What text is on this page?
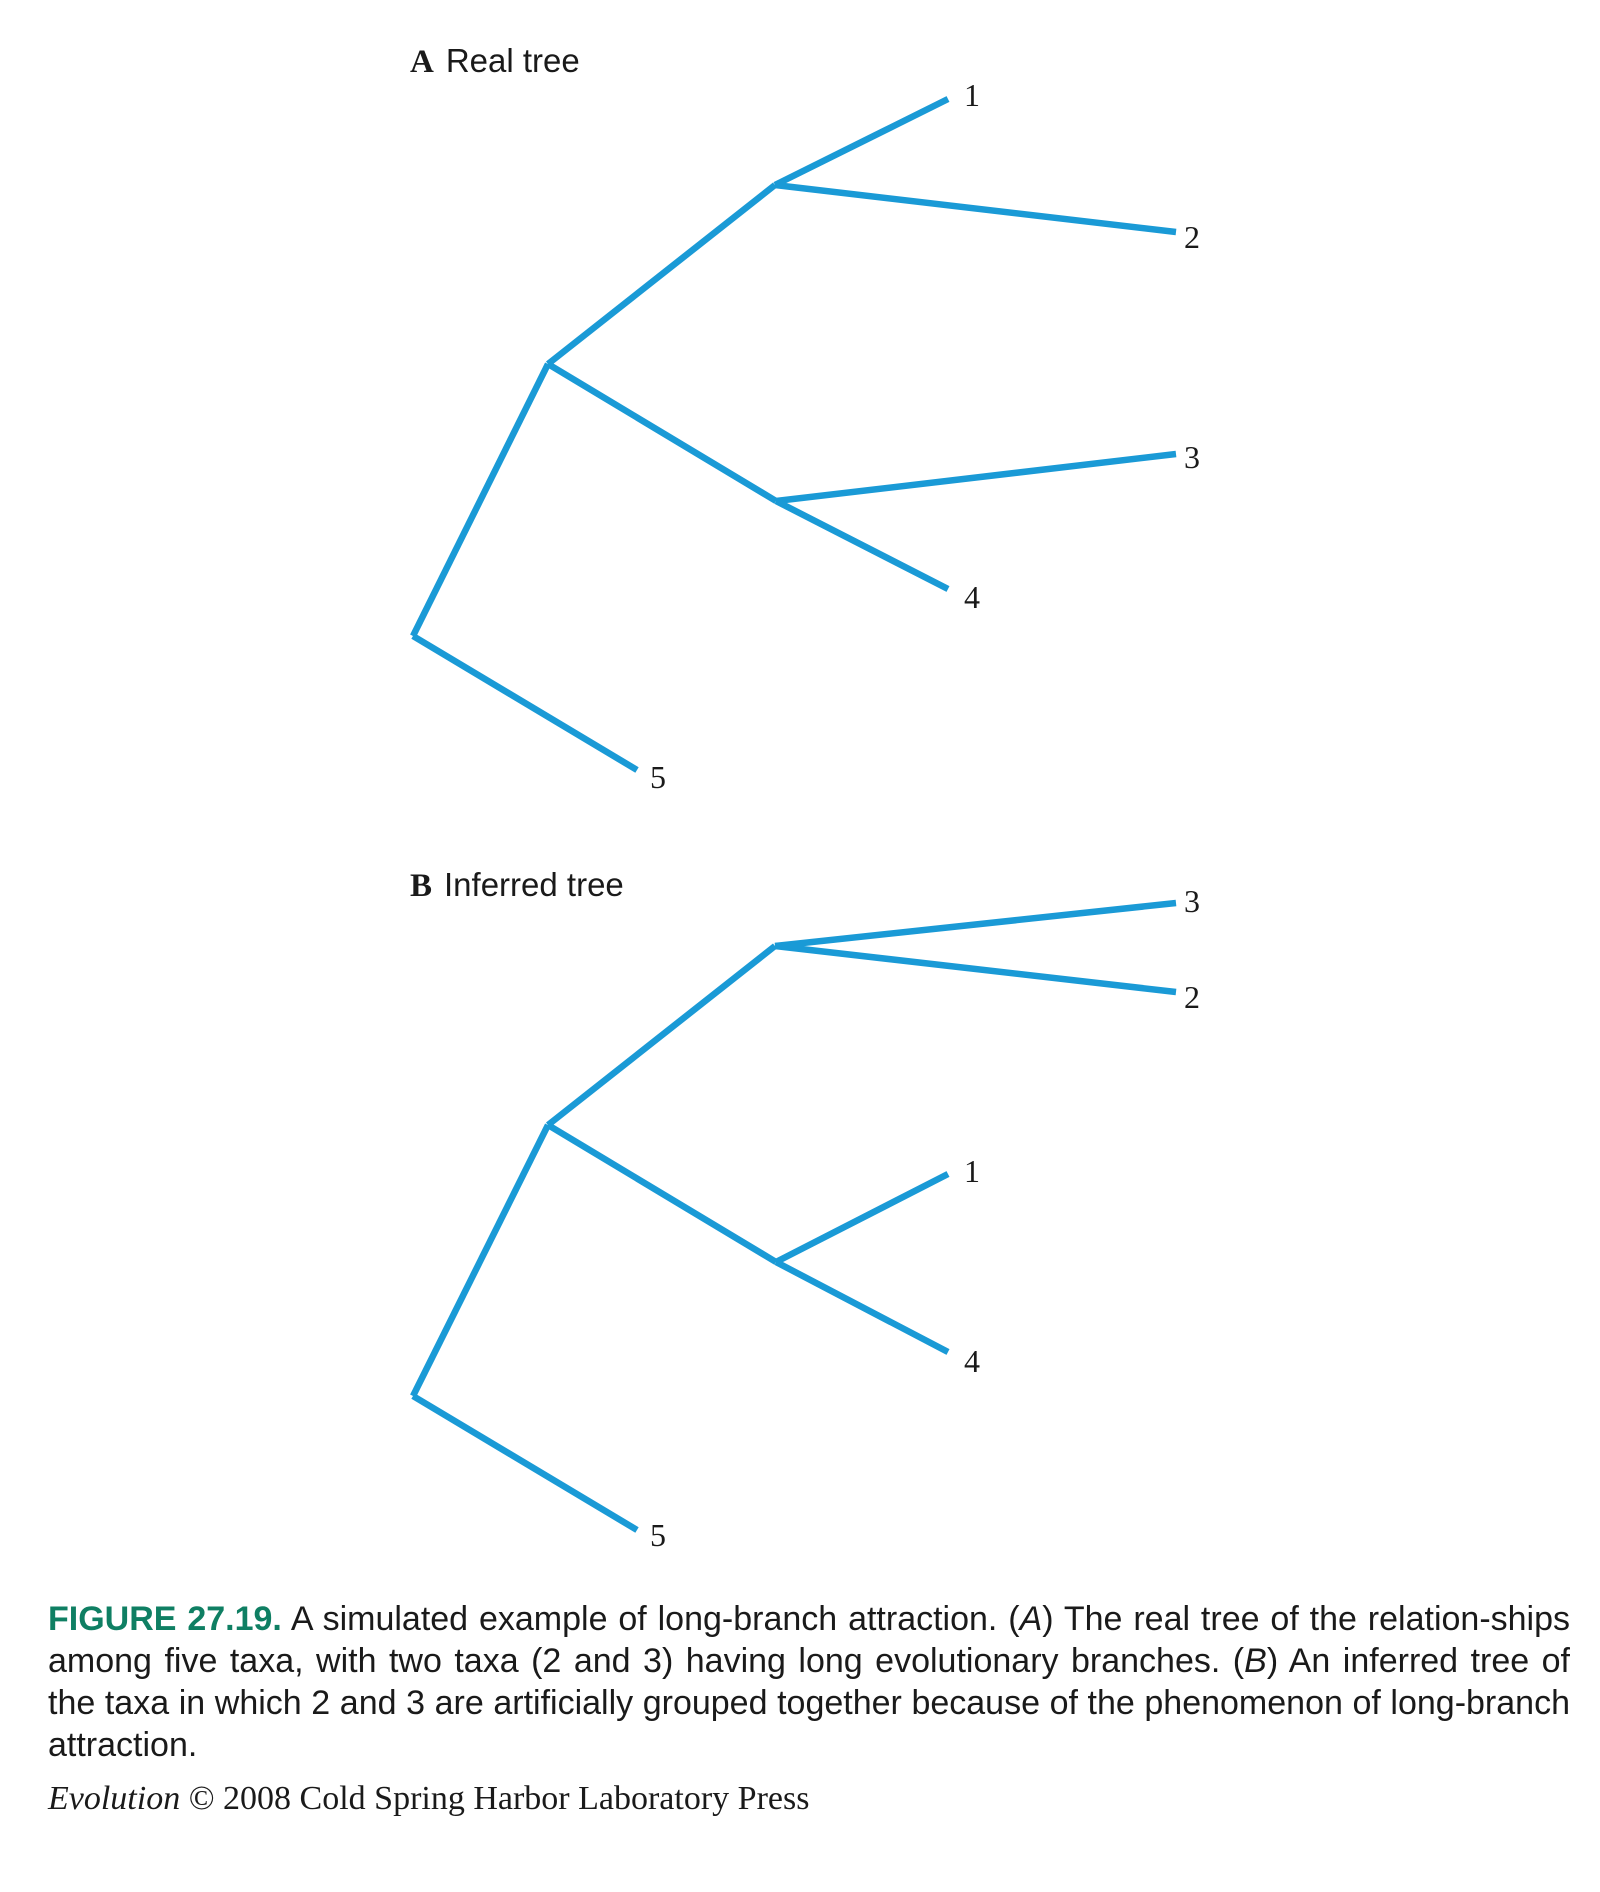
A Real tree
1
2
3
4
5
B Inferred tree	3
2
1
4
5
FIGURE 27.19. A simulated example of long-branch attraction. (A) The real tree of the relation-ships among five taxa, with two taxa (2 and 3) having long evolutionary branches. (B) An inferred tree of the taxa in which 2 and 3 are artificially grouped together because of the phenomenon of long-branch attraction.
Evolution © 2008 Cold Spring Harbor Laboratory Press
